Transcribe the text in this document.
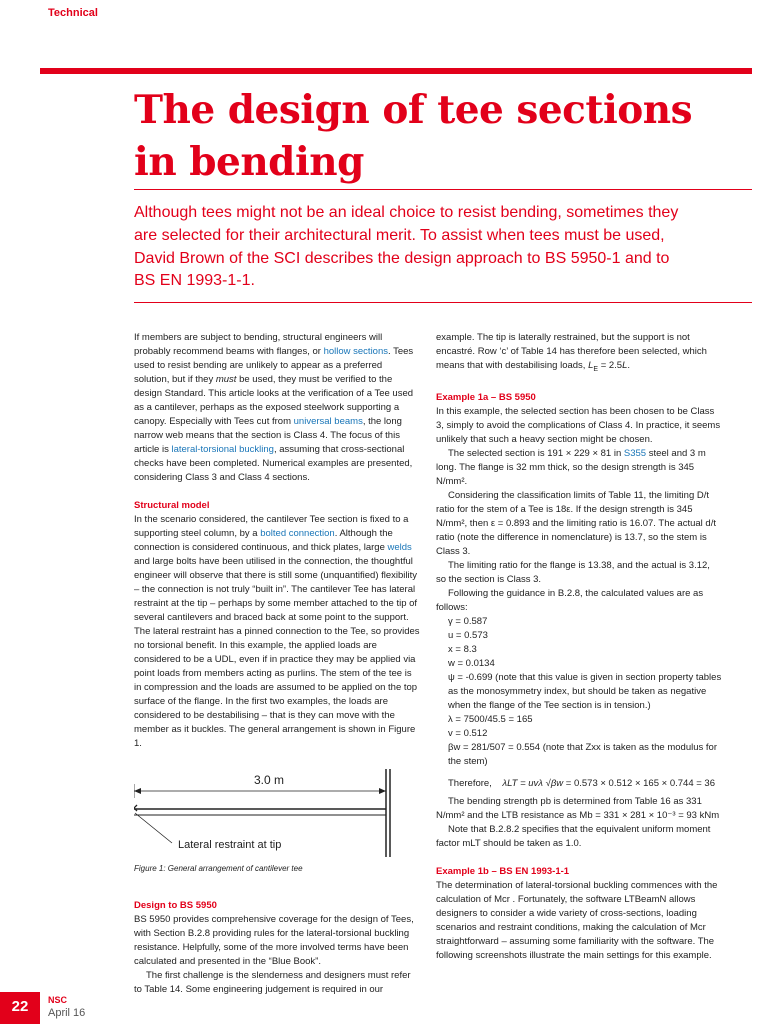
Technical
The design of tee sections
in bending

Although tees might not be an ideal choice to resist bending, sometimes they are selected for their architectural merit. To assist when tees must be used, David Brown of the SCI describes the design approach to BS 5950-1 and to BS EN 1993-1-1.

If members are subject to bending, structural engineers will probably recommend beams with flanges, or hollow sections. Tees used to resist bending are unlikely to appear as a preferred solution, but if they must be used, they must be verified to the design Standard. This article looks at the verification of a Tee used as a cantilever, perhaps as the exposed steelwork supporting a canopy. Especially with Tees cut from universal beams, the long narrow web means that the section is Class 4. The focus of this article is lateral-torsional buckling, assuming that cross-sectional checks have been completed. Numerical examples are presented, considering Class 3 and Class 4 sections.

Structural model

In the scenario considered, the cantilever Tee section is fixed to a supporting steel column, by a bolted connection. Although the connection is considered continuous, and thick plates, large welds and large bolts have been utilised in the connection, the thoughtful engineer will observe that there is still some (unquantified) flexibility – the connection is not truly “built in”. The cantilever Tee has lateral restraint at the tip – perhaps by some member attached to the tip of several cantilevers and braced back at some point to the support. The lateral restraint has a pinned connection to the Tee, so provides no torsional benefit. In this example, the applied loads are considered to be a UDL, even if in practice they may be applied via point loads from members acting as purlins. The stem of the tee is in compression and the loads are assumed to be applied on the top surface of the flange. In the first two examples, the loads are considered to be destabilising – that is they can move with the member as it buckles. The general arrangement is shown in Figure 1.

3.0 m
Lateral restraint at tip

Figure 1: General arrangement of cantilever tee

Design to BS 5950

BS 5950 provides comprehensive coverage for the design of Tees, with Section B.2.8 providing rules for the lateral-torsional buckling resistance. Helpfully, some of the more involved terms have been calculated and presented in the “Blue Book”.

The first challenge is the slenderness and designers must refer to Table 14. Some engineering judgement is required in our

example. The tip is laterally restrained, but the support is not encastré. Row ‘c’ of Table 14 has therefore been selected, which means that with destabilising loads, $L_E = 2.5L$.

Example 1a – BS 5950

In this example, the selected section has been chosen to be Class 3, simply to avoid the complications of Class 4. In practice, it seems unlikely that such a heavy section might be chosen.

The selected section is 191 × 229 × 81 in S355 steel and 3 m long. The flange is 32 mm thick, so the design strength is 345 N/mm².

Considering the classification limits of Table 11, the limiting D/t ratio for the stem of a Tee is 18ε. If the design strength is 345 N/mm², then ε = 0.893 and the limiting ratio is 16.07. The actual d/t ratio (note the difference in nomenclature) is 13.7, so the stem is Class 3.

The limiting ratio for the flange is 13.38, and the actual is 3.12, so the section is Class 3.

Following the guidance in B.2.8, the calculated values are as follows:

γ = 0.587

u = 0.573

x = 8.3

w = 0.0134

ψ = -0.699 (note that this value is given in section property tables as the monosymmetry index, but should be taken as negative when the flange of the Tee section is in tension.)

λ = 7500/45.5 = 165

v = 0.512

βw = 281/507 = 0.554 (note that Zxx is taken as the modulus for the stem)

Therefore, λLT = uvλ √βw = 0.573 × 0.512 × 165 × 0.744 = 36

The bending strength pb is determined from Table 16 as 331 N/mm² and the LTB resistance as Mb = 331 × 281 × 10⁻³ = 93 kNm

Note that B.2.8.2 specifies that the equivalent uniform moment factor mLT should be taken as 1.0.

Example 1b – BS EN 1993-1-1

The determination of lateral-torsional buckling commences with the calculation of Mcr . Fortunately, the software LTBeamN allows designers to consider a wide variety of cross-sections, loading scenarios and restraint conditions, making the calculation of Mcr straightforward – assuming some familiarity with the software. The following screenshots illustrate the main settings for this example.

22	NSC
April 16
